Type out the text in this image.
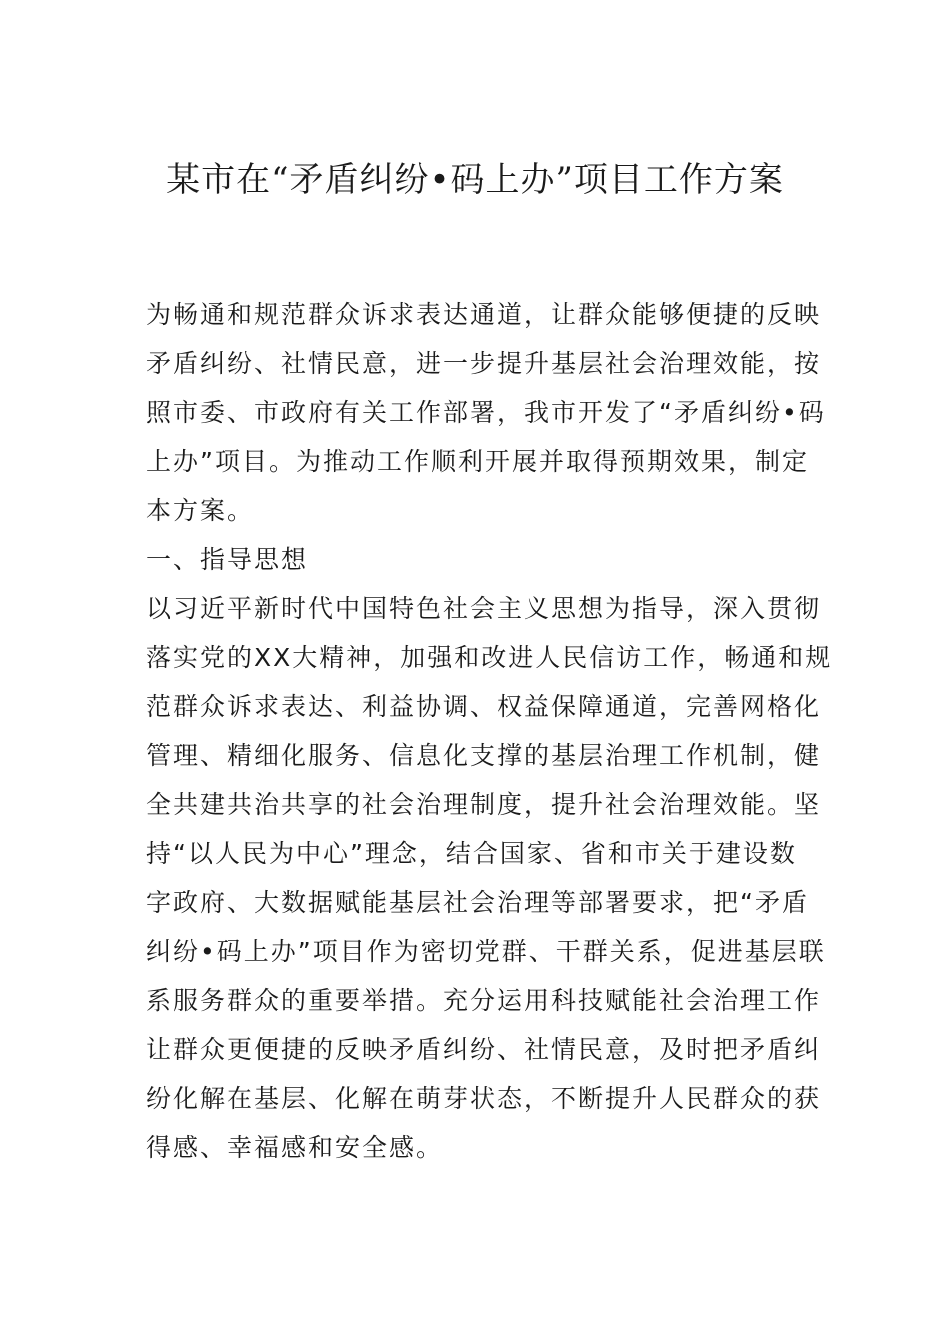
某市在“矛盾纠纷•码上办”项目工作方案

为畅通和规范群众诉求表达通道，让群众能够便捷的反映
矛盾纠纷、社情民意，进一步提升基层社会治理效能，按
照市委、市政府有关工作部署，我市开发了“矛盾纠纷•码
上办”项目。为推动工作顺利开展并取得预期效果，制定
本方案。

一、指导思想

以习近平新时代中国特色社会主义思想为指导，深入贯彻
落实党的XX大精神，加强和改进人民信访工作，畅通和规
范群众诉求表达、利益协调、权益保障通道，完善网格化
管理、精细化服务、信息化支撑的基层治理工作机制，健
全共建共治共享的社会治理制度，提升社会治理效能。坚
持“以人民为中心”理念，结合国家、省和市关于建设数
字政府、大数据赋能基层社会治理等部署要求，把“矛盾
纠纷•码上办”项目作为密切党群、干群关系，促进基层联
系服务群众的重要举措。充分运用科技赋能社会治理工作
让群众更便捷的反映矛盾纠纷、社情民意，及时把矛盾纠
纷化解在基层、化解在萌芽状态，不断提升人民群众的获
得感、幸福感和安全感。
